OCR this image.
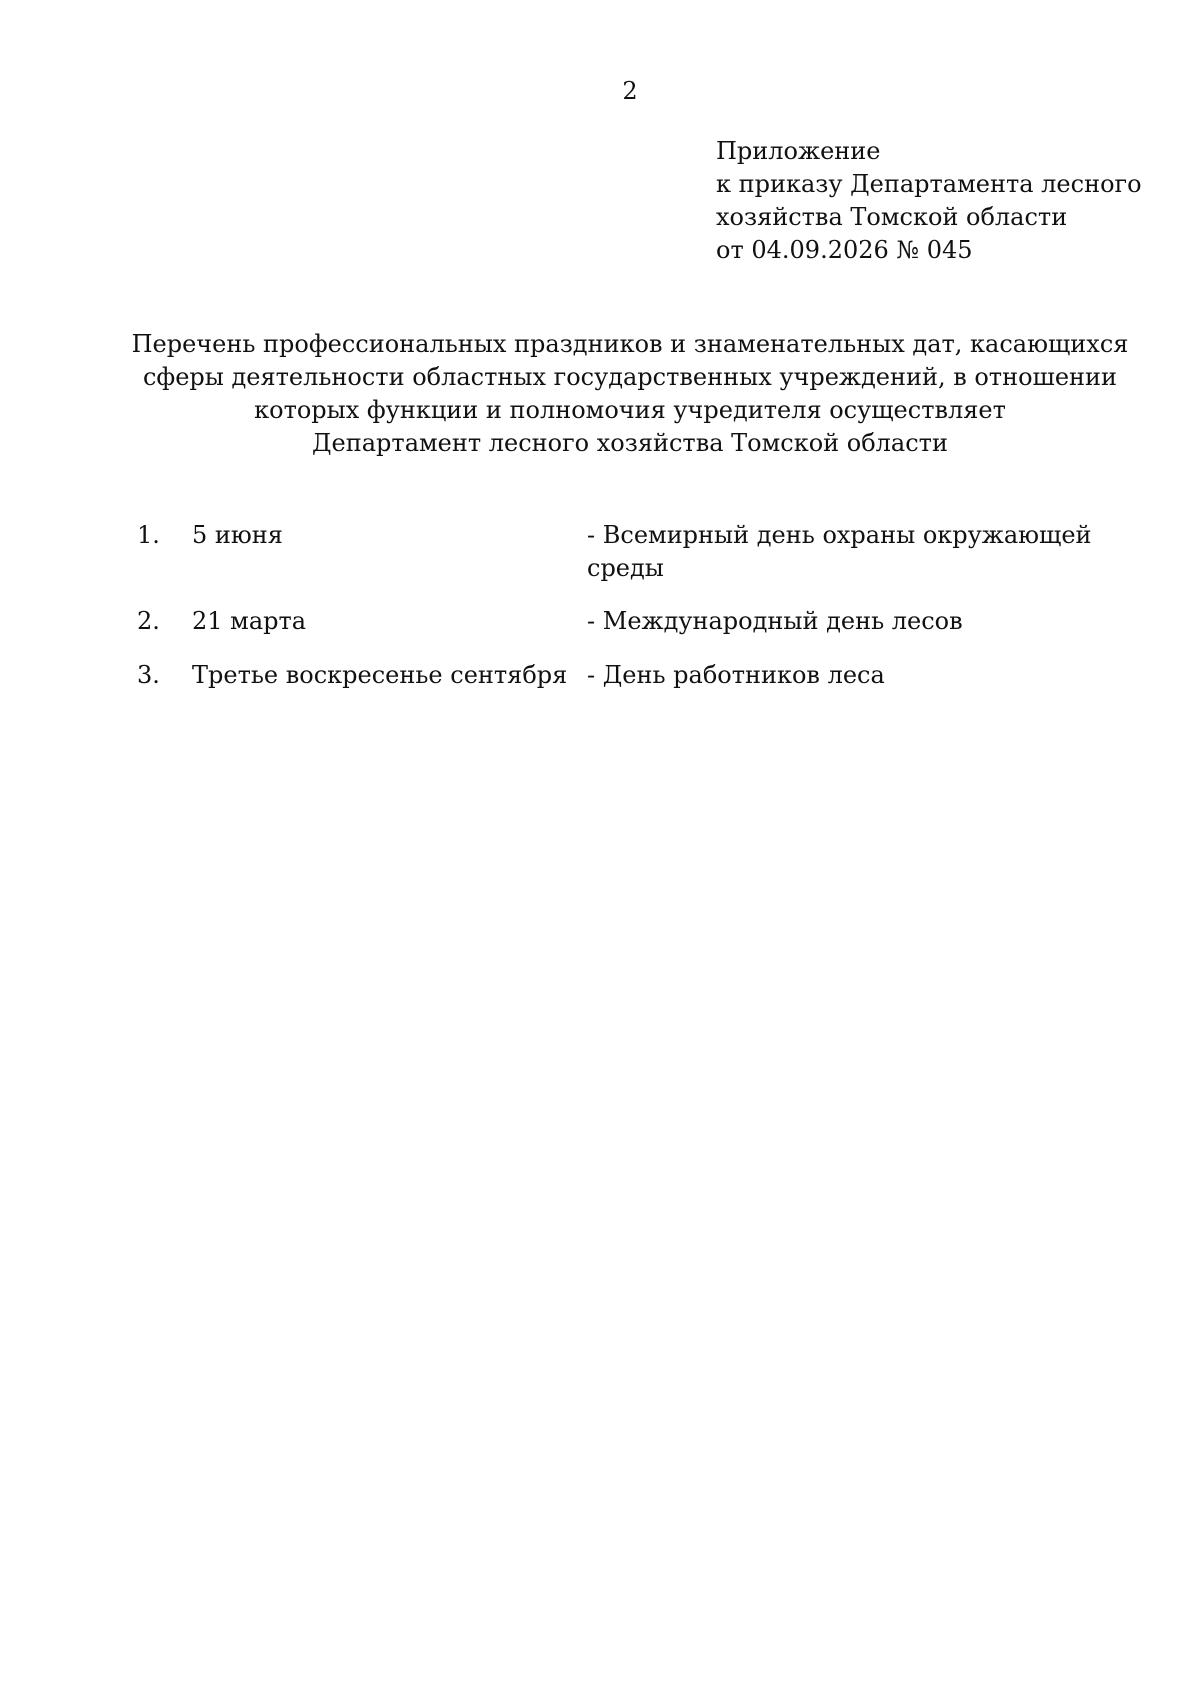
2
Приложение
к приказу Департамента лесного
хозяйства Томской области
от 04.09.2026 № 045
Перечень профессиональных праздников и знаменательных дат, касающихся
сферы деятельности областных государственных учреждений, в отношении
которых функции и полномочия учредителя осуществляет
Департамент лесного хозяйства Томской области
1. 5 июня	- Всемирный день охраны окружающей среды
2. 21 марта	- Международный день лесов
3. Третье воскресенье сентября - День работников леса
